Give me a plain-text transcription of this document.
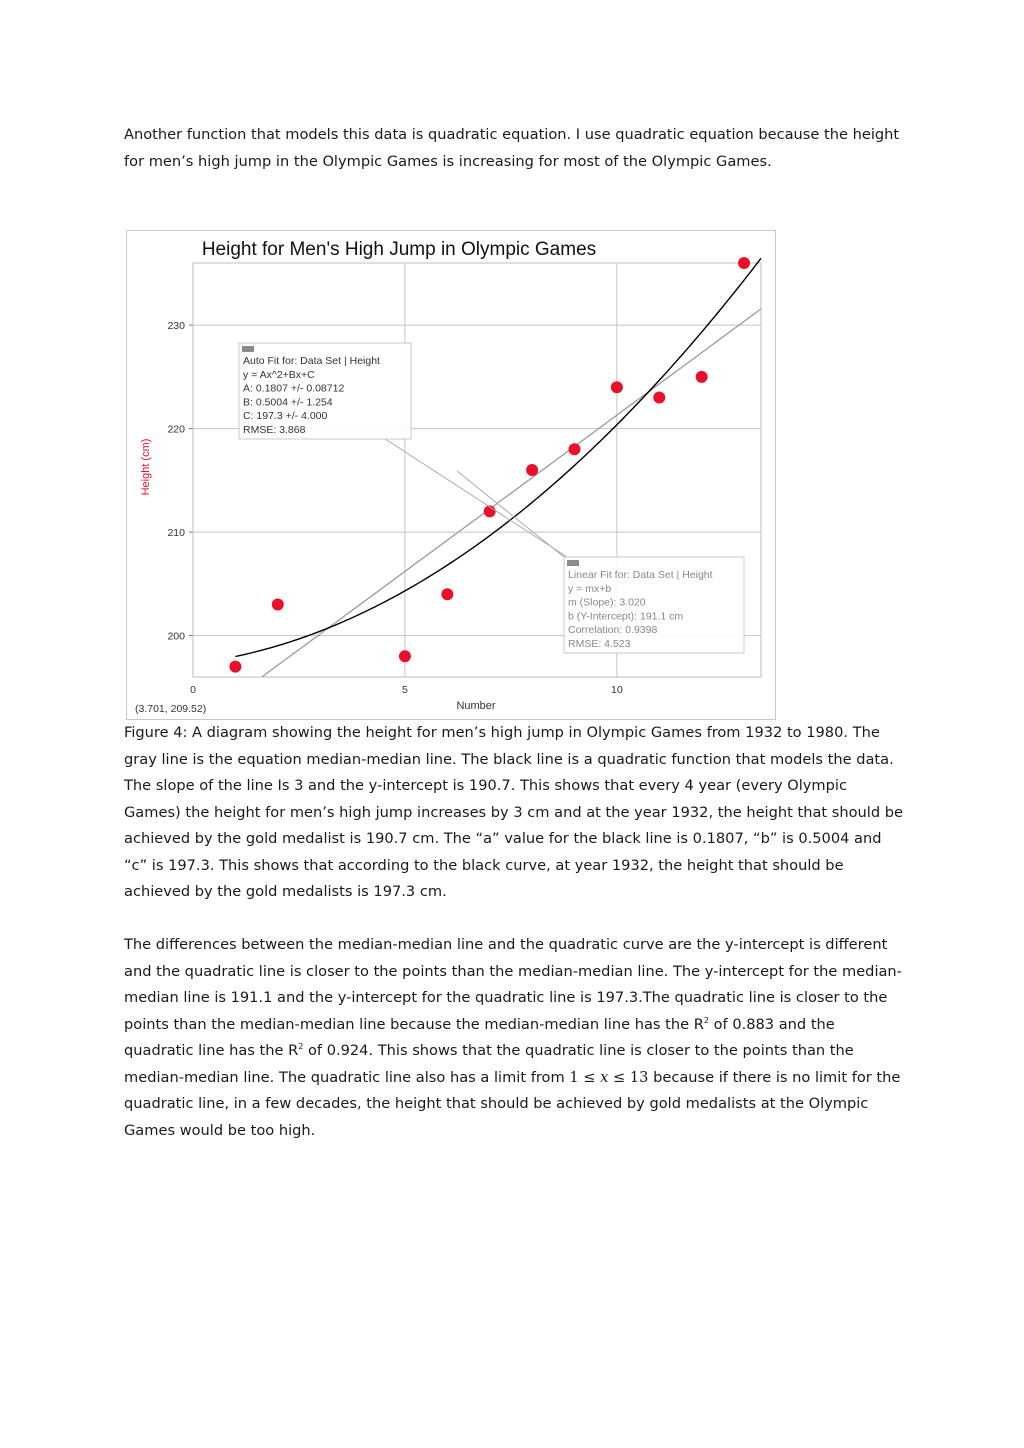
Another function that models this data is quadratic equation. I use quadratic equation because the height for men’s high jump in the Olympic Games is increasing for most of the Olympic Games.

0	5	10
200
210
220
230
Auto Fit for: Data Set | Height
y = Ax^2+Bx+C
A: 0.1807 +/- 0.08712
B: 0.5004 +/- 1.254
C: 197.3 +/- 4.000
RMSE: 3.868
Linear Fit for: Data Set | Height
y = mx+b
m (Slope): 3.020
b (Y-Intercept): 191.1 cm
Correlation: 0.9398
RMSE: 4.523
Height for Men's High Jump in Olympic Games
Number
Height (cm)
(3.701, 209.52)

Figure 4: A diagram showing the height for men’s high jump in Olympic Games from 1932 to 1980. The gray line is the equation median-median line. The black line is a quadratic function that models the data. The slope of the line Is 3 and the y-intercept is 190.7. This shows that every 4 year (every Olympic Games) the height for men’s high jump increases by 3 cm and at the year 1932, the height that should be achieved by the gold medalist is 190.7 cm. The “a” value for the black line is 0.1807, “b” is 0.5004 and “c” is 197.3. This shows that according to the black curve, at year 1932, the height that should be achieved by the gold medalists is 197.3 cm.

The differences between the median-median line and the quadratic curve are the y-intercept is different and the quadratic line is closer to the points than the median-median line. The y-intercept for the median-median line is 191.1 and the y-intercept for the quadratic line is 197.3.The quadratic line is closer to the points than the median-median line because the median-median line has the $R^2$ of 0.883 and the quadratic line has the $R^2$ of 0.924. This shows that the quadratic line is closer to the points than the median-median line. The quadratic line also has a limit from 1 ≤ x ≤ 13 because if there is no limit for the quadratic line, in a few decades, the height that should be achieved by gold medalists at the Olympic Games would be too high.
